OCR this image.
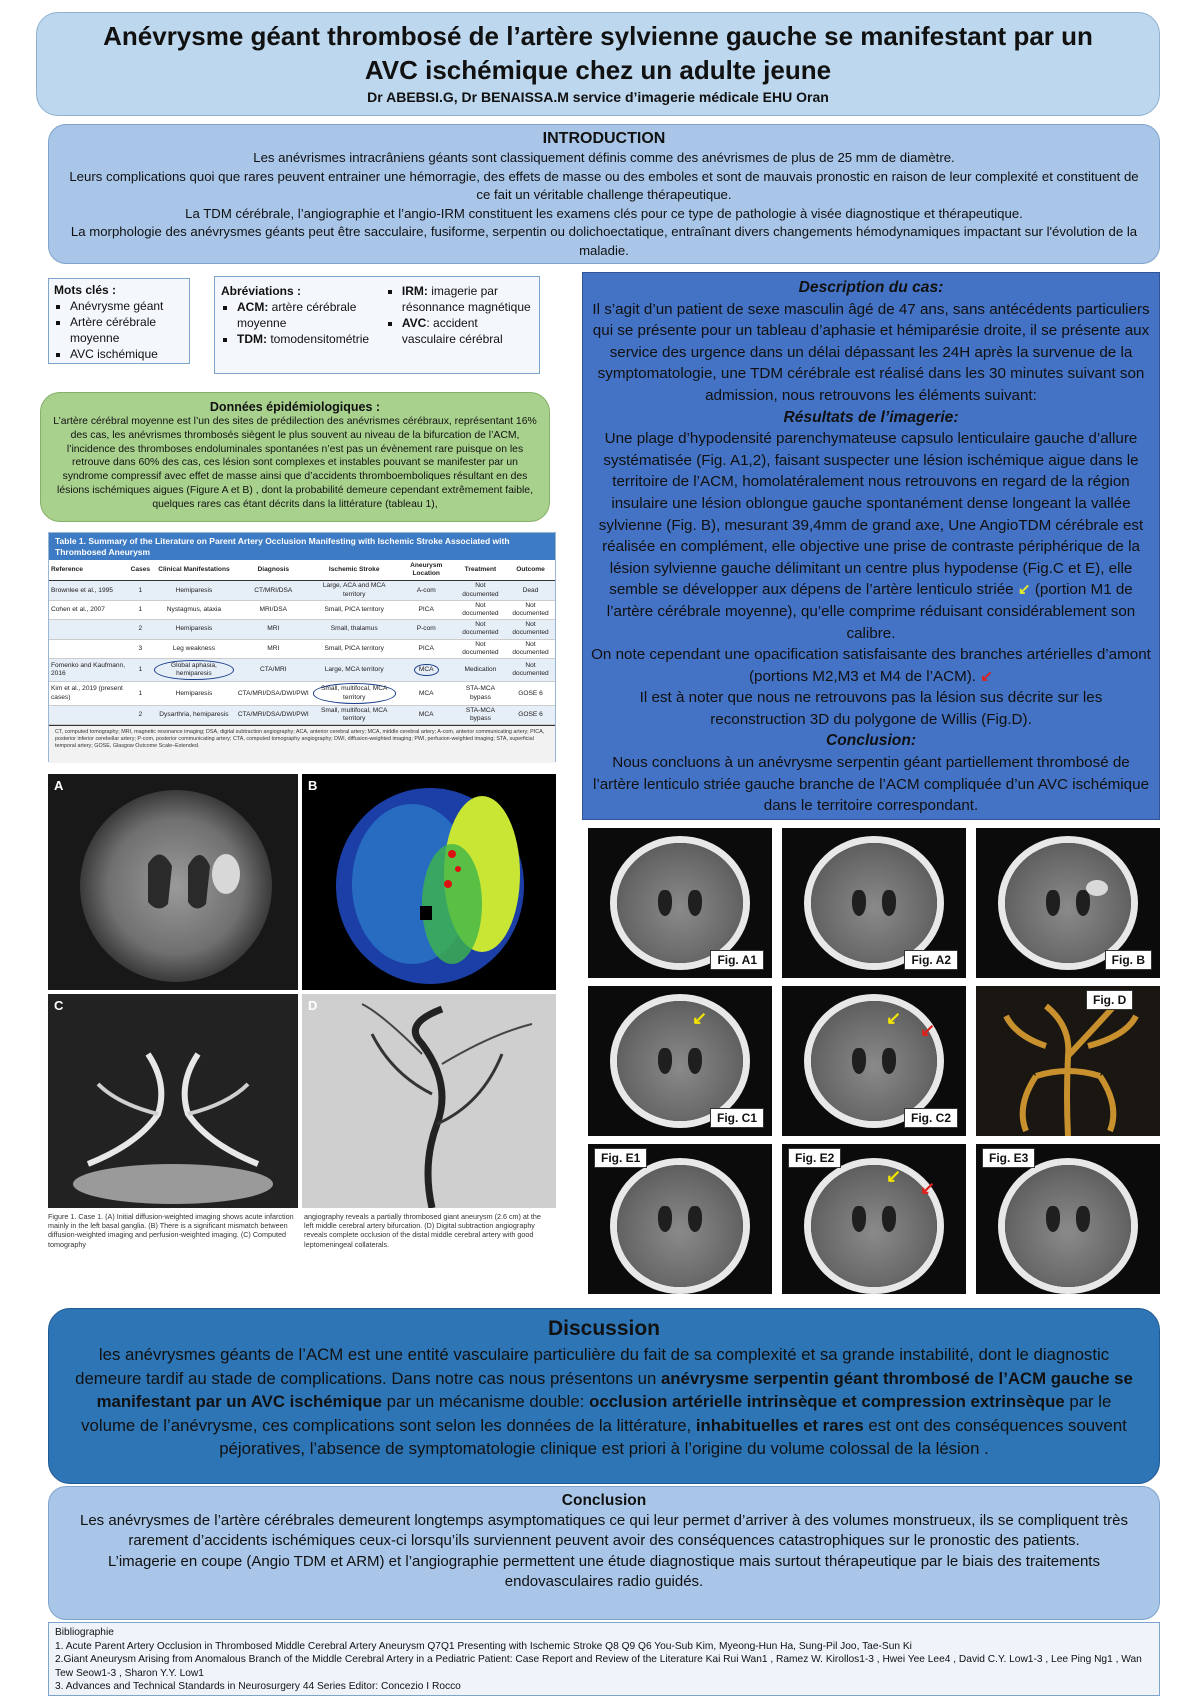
Anévrysme géant thrombosé de l’artère sylvienne gauche se manifestant par un
AVC ischémique chez un adulte jeune
Dr ABEBSI.G, Dr BENAISSA.M service d’imagerie médicale EHU Oran
INTRODUCTION
Les anévrismes intracrâniens géants sont classiquement définis comme des anévrismes de plus de 25 mm de diamètre.
Leurs complications quoi que rares peuvent entrainer une hémorragie, des effets de masse ou des emboles et sont de mauvais pronostic en raison de leur complexité et constituent de ce fait un véritable challenge thérapeutique.
La TDM cérébrale, l’angiographie et l’angio-IRM constituent les examens clés pour ce type de pathologie à visée diagnostique et thérapeutique.
La morphologie des anévrysmes géants peut être sacculaire, fusiforme, serpentin ou dolichoectatique, entraînant divers changements hémodynamiques impactant sur l'évolution de la maladie.
Mots clés :
▪ Anévrysme géant
▪ Artère cérébrale moyenne
▪ AVC ischémique
Abréviations :
▪ ACM: artère cérébrale moyenne
▪ TDM: tomodensitométrie
▪ IRM: imagerie par résonnance magnétique
▪ AVC: accident vasculaire cérébral
Données épidémiologiques :
L’artère cérébral moyenne est l’un des sites de prédilection des anévrismes cérébraux, représentant 16% des cas, les anévrismes thrombosés siègent le plus souvent au niveau de la bifurcation de l’ACM, l’incidence des thromboses endoluminales spontanées n’est pas un évènement rare puisque on les retrouve dans 60% des cas, ces lésion sont complexes et instables pouvant se manifester par un syndrome compressif avec effet de masse ainsi que d’accidents thromboemboliques résultant en des lésions ischémiques aigues (Figure A et B) , dont la probabilité demeure cependant extrêmement faible, quelques rares cas étant décrits dans la littérature (tableau 1),
Table 1. Summary of the Literature on Parent Artery Occlusion Manifesting with Ischemic Stroke Associated with Thrombosed Aneurysm
Reference	Cases	Clinical Manifestations	Diagnosis	Ischemic Stroke	Aneurysm Location	Treatment	Outcome
Brownlee et al., 1995	1	Hemiparesis	CT/MRI/DSA	Large, ACA and MCA territory	A-com	Not documented	Dead
Cohen et al., 2007	1	Nystagmus, ataxia	MRI/DSA	Small, PICA territory	PICA	Not documented	Not documented
	2	Hemiparesis	MRI	Small, thalamus	P-com	Not documented	Not documented
	3	Leg weakness	MRI	Small, PICA territory	PICA	Not documented	Not documented
Fomenko and Kaufmann, 2016	1	Global aphasia, hemiparesis	CTA/MRI	Large, MCA territory	MCA	Medication	Not documented
Kim et al., 2019 (present cases)	1	Hemiparesis	CTA/MRI/DSA/DWI/PWI	Small, multifocal, MCA territory	MCA	STA-MCA bypass	GOSE 6
	2	Dysarthria, hemiparesis	CTA/MRI/DSA/DWI/PWI	Small, multifocal, MCA territory	MCA	STA-MCA bypass	GOSE 6
CT, computed tomography; MRI, magnetic resonance imaging; DSA, digital subtraction angiography; ACA, anterior cerebral artery; MCA, middle cerebral artery; A-com, anterior communicating artery; PICA, posterior inferior cerebellar artery; P-com, posterior communicating artery; CTA, computed tomography angiography; DWI, diffusion-weighted imaging; PWI, perfusion-weighted imaging; STA, superficial temporal artery; GOSE, Glasgow Outcome Scale–Extended.
A	B
C	D
Figure 1. Case 1. (A) Initial diffusion-weighted imaging shows acute infarction mainly in the left basal ganglia. (B) There is a significant mismatch between diffusion-weighted imaging and perfusion-weighted imaging. (C) Computed tomography
angiography reveals a partially thrombosed giant aneurysm (2.6 cm) at the left middle cerebral artery bifurcation. (D) Digital subtraction angiography reveals complete occlusion of the distal middle cerebral artery with good leptomeningeal collaterals.
Description du cas:
Il s’agit d’un patient de sexe masculin âgé de 47 ans, sans antécédents particuliers qui se présente pour un tableau d’aphasie et hémiparésie droite, il se présente aux service des urgence dans un délai dépassant les 24H après la survenue de la symptomatologie, une TDM cérébrale est réalisé dans les 30 minutes suivant son admission, nous retrouvons les éléments suivant:
Résultats de l’imagerie:
Une plage d’hypodensité parenchymateuse capsulo lenticulaire gauche d’allure systématisée (Fig. A1,2), faisant suspecter une lésion ischémique aigue dans le territoire de l’ACM, homolatéralement nous retrouvons en regard de la région insulaire une lésion oblongue gauche spontanément dense longeant la vallée sylvienne (Fig. B), mesurant 39,4mm de grand axe, Une AngioTDM cérébrale est réalisée en complément, elle objective une prise de contraste périphérique de la lésion sylvienne gauche délimitant un centre plus hypodense (Fig.C et E), elle semble se développer aux dépens de l’artère lenticulo striée ↙ (portion M1 de l’artère cérébrale moyenne), qu’elle comprime réduisant considérablement son calibre.
On note cependant une opacification satisfaisante des branches artérielles d’amont (portions M2,M3 et M4 de l’ACM). ↙
Il est à noter que nous ne retrouvons pas la lésion sus décrite sur les reconstruction 3D du polygone de Willis (Fig.D).
Conclusion:
Nous concluons à un anévrysme serpentin géant partiellement thrombosé de l’artère lenticulo striée gauche branche de l’ACM compliquée d’un AVC ischémique dans le territoire correspondant.
Fig. A1	Fig. A2	Fig. B
↙
Fig. C1
↙
↙
Fig. C2
Fig. D
Fig. E1
↙
↙
Fig. E2	Fig. E3
Discussion
les anévrysmes géants de l’ACM est une entité vasculaire particulière du fait de sa complexité et sa grande instabilité, dont le diagnostic demeure tardif au stade de complications. Dans notre cas nous présentons un anévrysme serpentin géant thrombosé de l’ACM gauche se manifestant par un AVC ischémique par un mécanisme double: occlusion artérielle intrinsèque et compression extrinsèque par le volume de l’anévrysme, ces complications sont selon les données de la littérature, inhabituelles et rares est ont des conséquences souvent péjoratives, l’absence de symptomatologie clinique est priori à l’origine du volume colossal de la lésion .
Conclusion
Les anévrysmes de l’artère cérébrales demeurent longtemps asymptomatiques ce qui leur permet d’arriver à des volumes monstrueux, ils se compliquent très rarement d’accidents ischémiques ceux-ci lorsqu’ils surviennent peuvent avoir des conséquences catastrophiques sur le pronostic des patients.
L’imagerie en coupe (Angio TDM et ARM) et l’angiographie permettent une étude diagnostique mais surtout thérapeutique par le biais des traitements endovasculaires radio guidés.
Bibliographie
1. Acute Parent Artery Occlusion in Thrombosed Middle Cerebral Artery Aneurysm Q7Q1 Presenting with Ischemic Stroke Q8 Q9 Q6 You-Sub Kim, Myeong-Hun Ha, Sung-Pil Joo, Tae-Sun Ki
2.Giant Aneurysm Arising from Anomalous Branch of the Middle Cerebral Artery in a Pediatric Patient: Case Report and Review of the Literature Kai Rui Wan1 , Ramez W. Kirollos1-3 , Hwei Yee Lee4 , David C.Y. Low1-3 , Lee Ping Ng1 , Wan Tew Seow1-3 , Sharon Y.Y. Low1
3. Advances and Technical Standards in Neurosurgery 44 Series Editor: Concezio I Rocco
